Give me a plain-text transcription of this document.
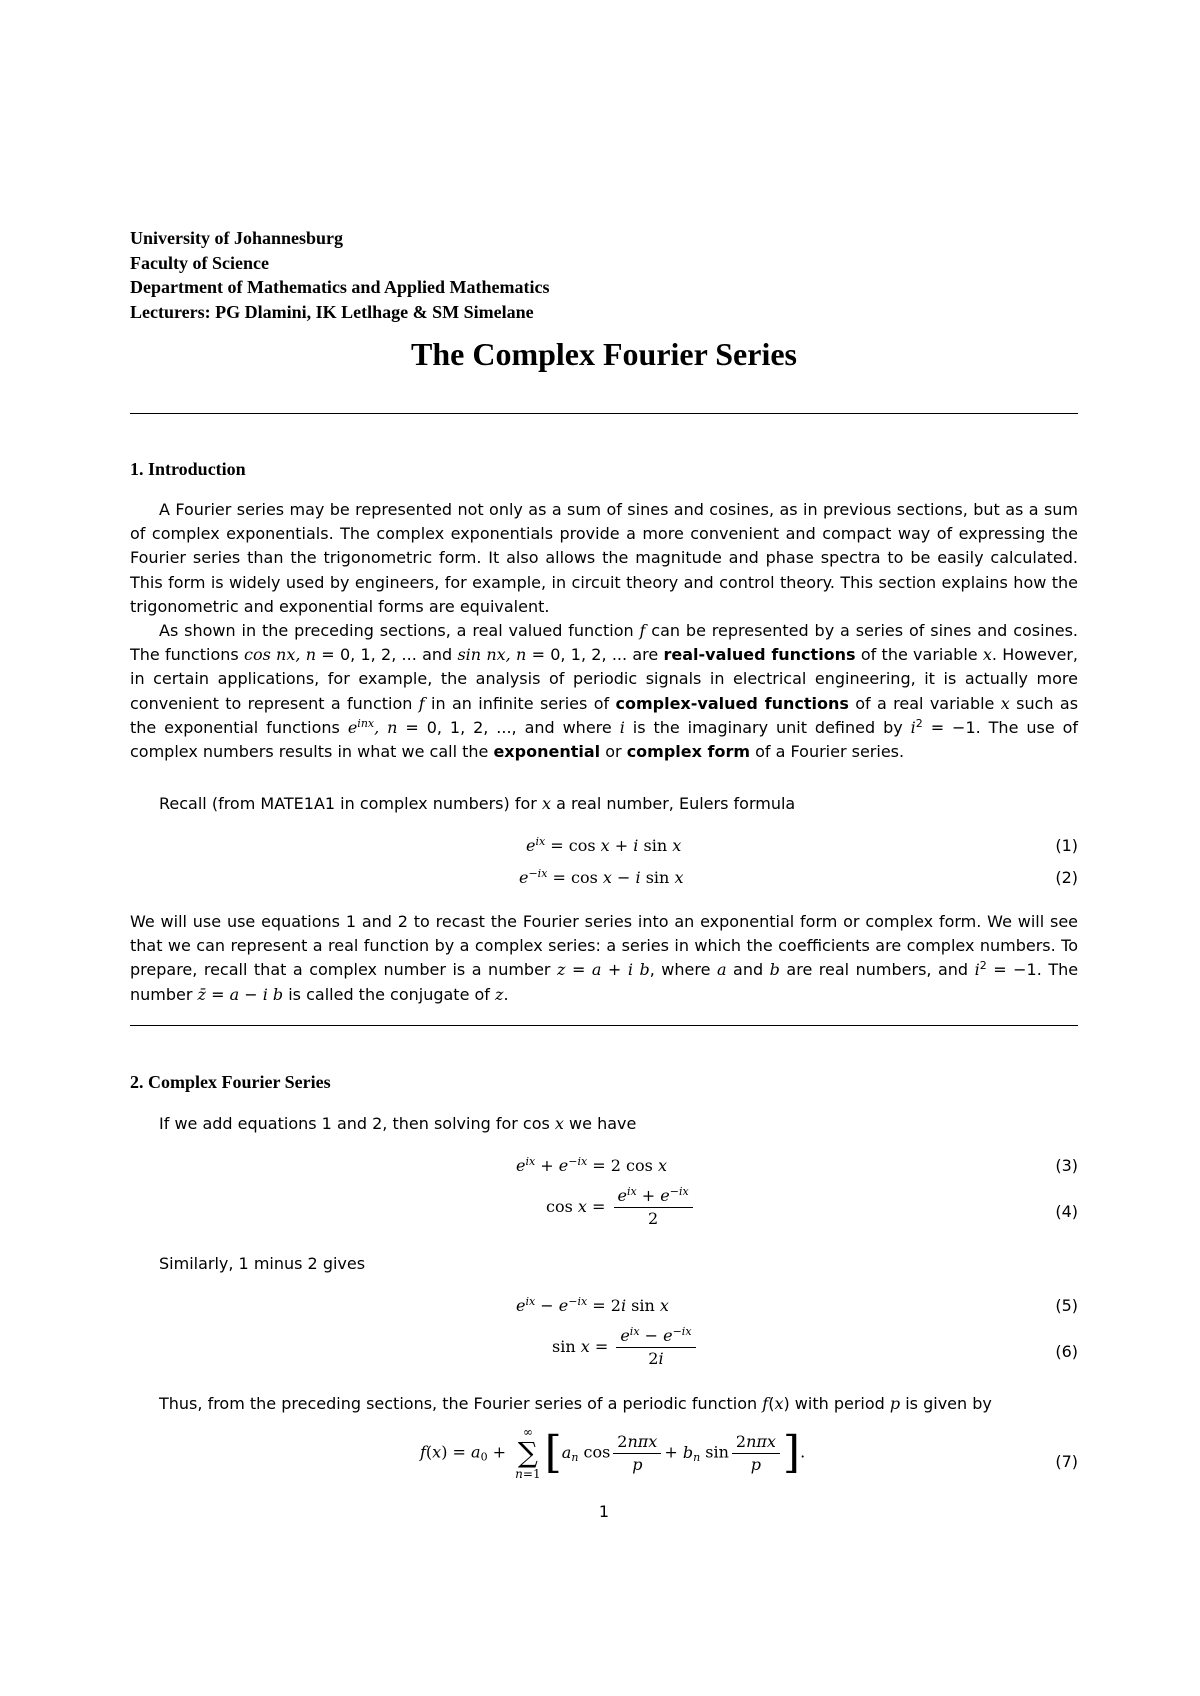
University of Johannesburg
Faculty of Science
Department of Mathematics and Applied Mathematics
Lecturers: PG Dlamini, IK Letlhage & SM Simelane
The Complex Fourier Series
1. Introduction

A Fourier series may be represented not only as a sum of sines and cosines, as in previous sections, but as a sum of complex exponentials. The complex exponentials provide a more convenient and compact way of expressing the Fourier series than the trigonometric form. It also allows the magnitude and phase spectra to be easily calculated. This form is widely used by engineers, for example, in circuit theory and control theory. This section explains how the trigonometric and exponential forms are equivalent.

As shown in the preceding sections, a real valued function f can be represented by a series of sines and cosines. The functions cos nx, n = 0, 1, 2, ... and sin nx, n = 0, 1, 2, ... are real-valued functions of the variable x. However, in certain applications, for example, the analysis of periodic signals in electrical engineering, it is actually more convenient to represent a function f in an infinite series of complex-valued functions of a real variable x such as the exponential functions $e^{inx}$, n = 0, 1, 2, ..., and where i is the imaginary unit defined by $i^2 = -1$. The use of complex numbers results in what we call the exponential or complex form of a Fourier series.

Recall (from MATE1A1 in complex numbers) for x a real number, Eulers formula
$e^{ix} = \cos x + i$ sin x	(1)
$e^{-ix} = \cos x - i$ sin x	(2)

We will use use equations 1 and 2 to recast the Fourier series into an exponential form or complex form. We will see that we can represent a real function by a complex series: a series in which the coefficients are complex numbers. To prepare, recall that a complex number is a number z = a + i b, where a and b are real numbers, and $i^2 = -1$. The number z̄ = a − i b is called the conjugate of z.

2. Complex Fourier Series
If we add equations 1 and 2, then solving for cos x we have
$e^{ix} + e^{-ix} = 2$ cos x	(3)
$\cos x = \frac{e^{ix} + e^{-ix}}{2}$	(4)
Similarly, 1 minus 2 gives
$e^{ix} - e^{-ix} = 2i$ sin x	(5)
$\sin x = \frac{e^{ix} - e^{-ix}}{2i}$	(6)
Thus, from the preceding sections, the Fourier series of a periodic function f(x) with period p is given by
$f(x) = a_0$ +
∞
∑
n=1 [$a_n$ $\cos \frac{\text{2nπx}}{p} + b_n$ $\sin \frac{\text{2nπx}}{p}$ ].	(7)
1
